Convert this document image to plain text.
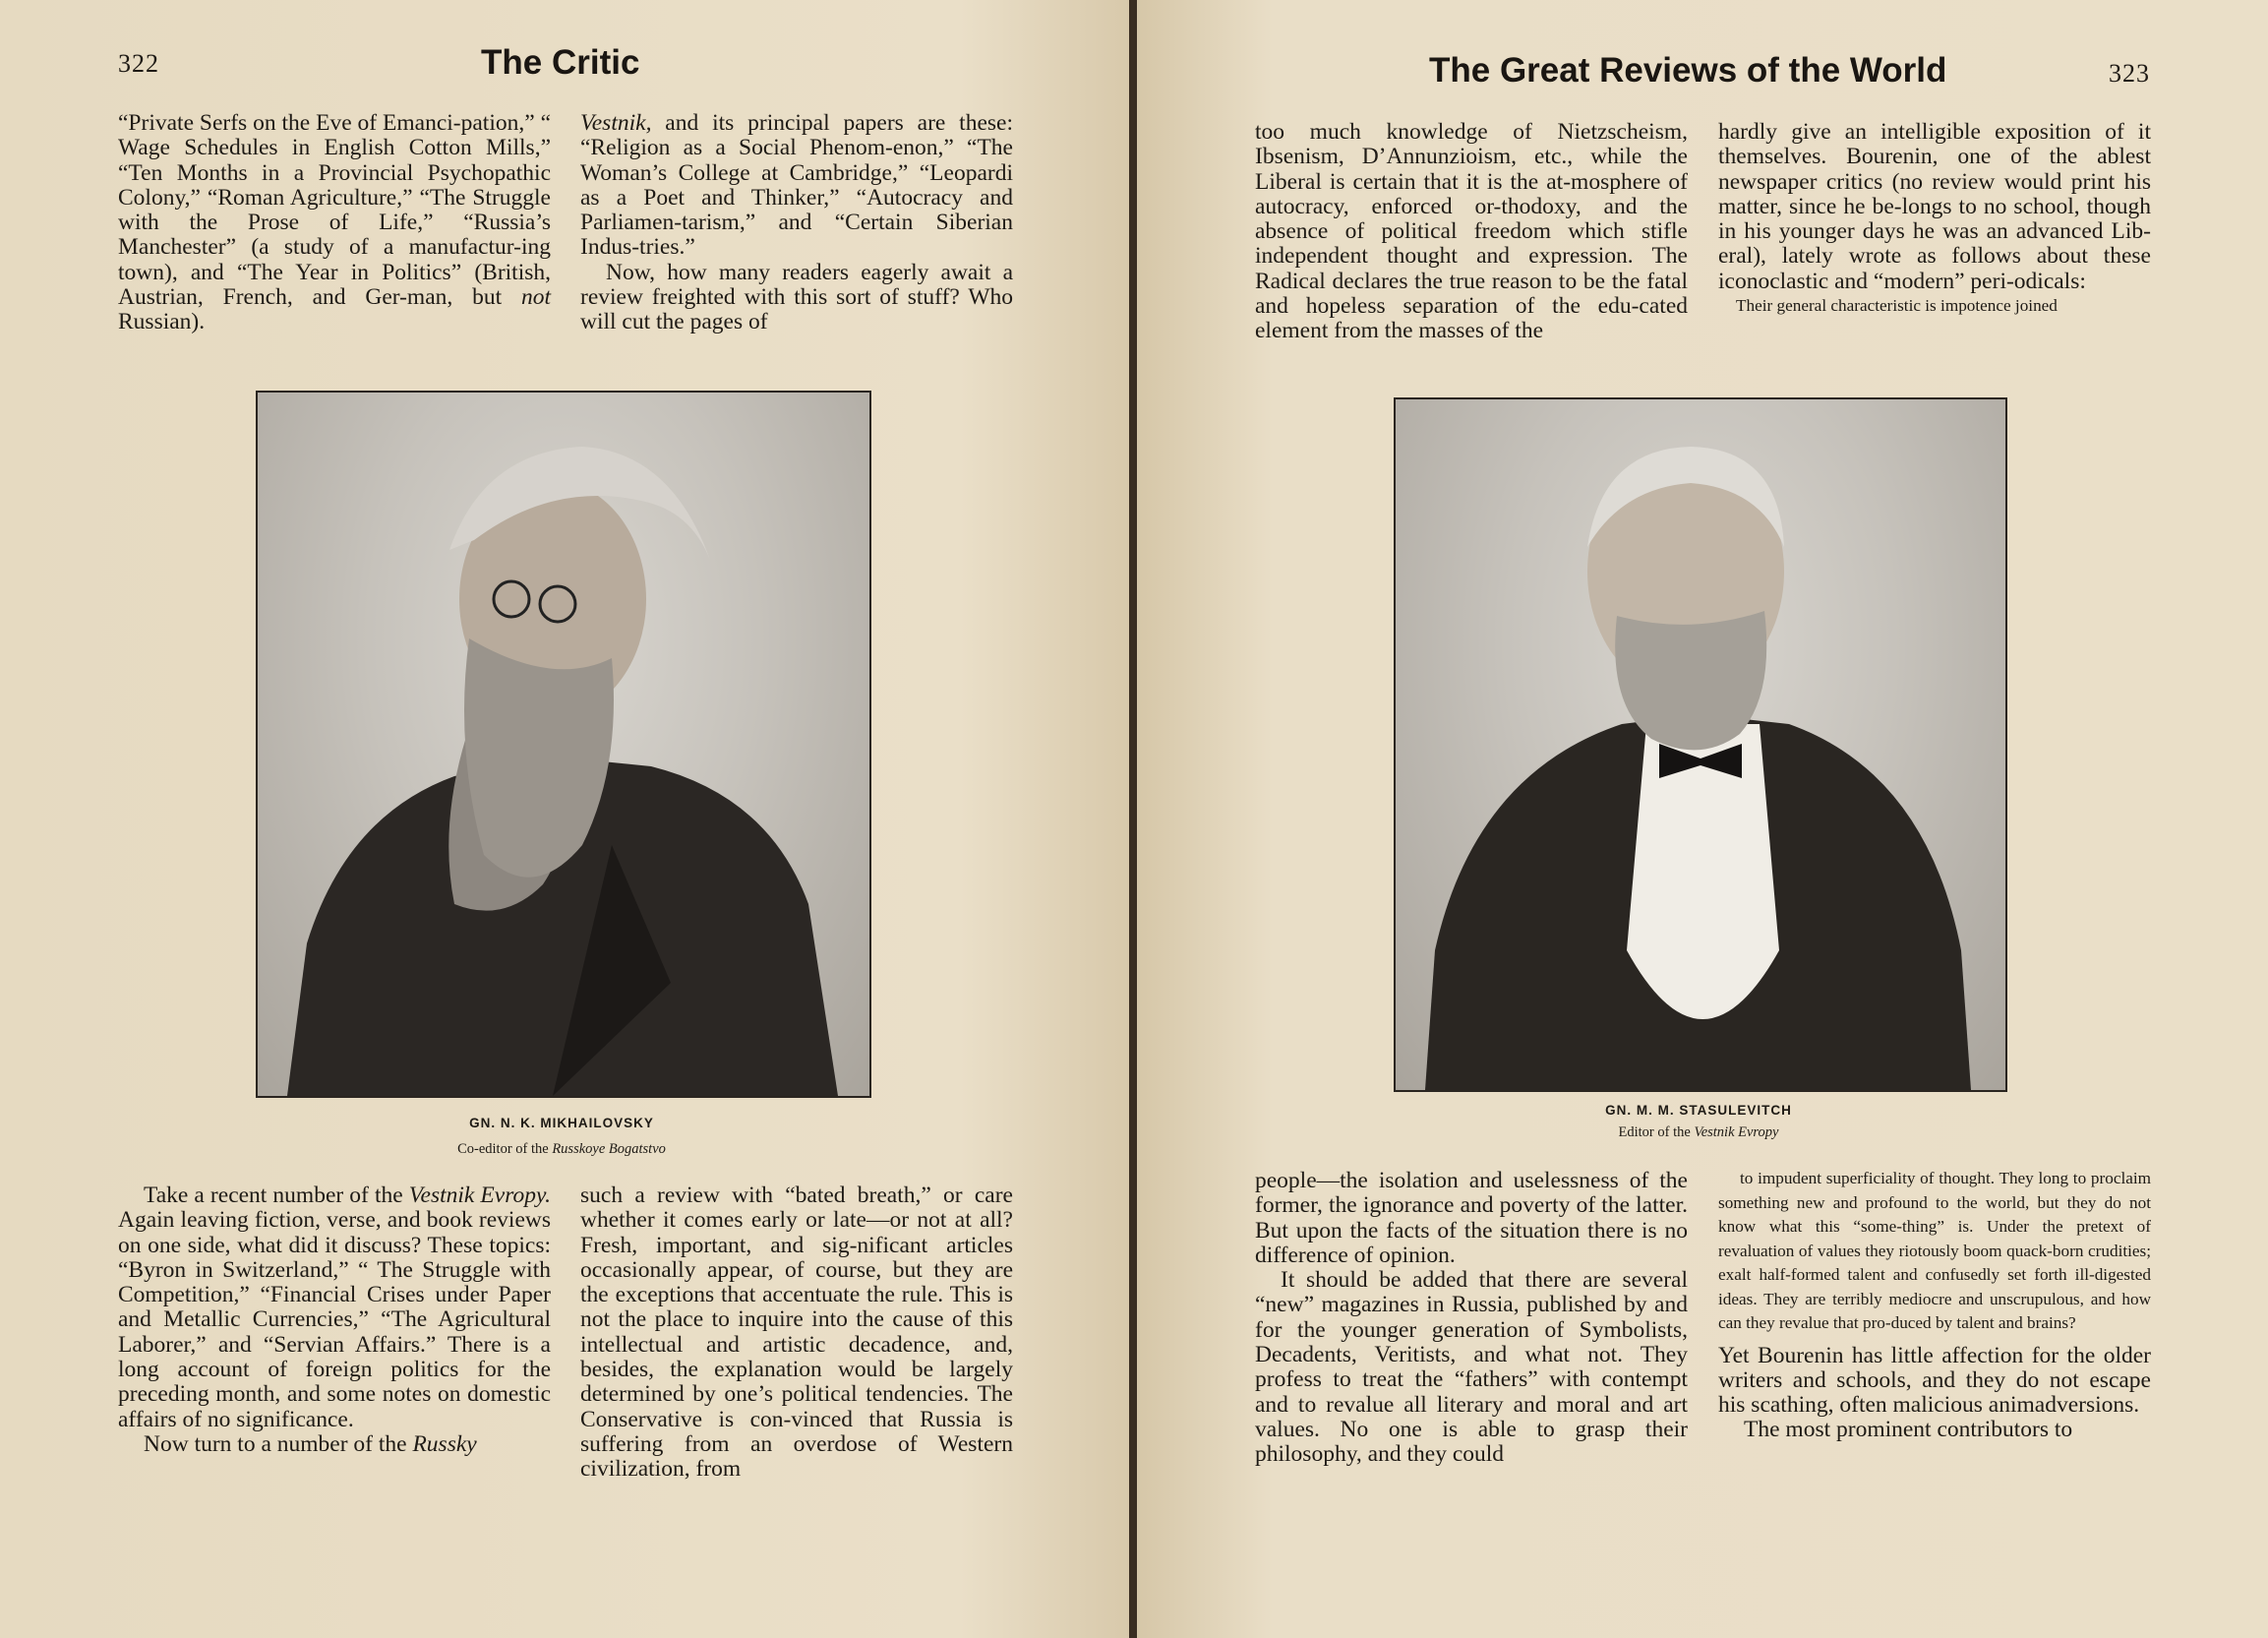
322	The Critic

“Private Serfs on the Eve of Emanci-pation,” “ Wage Schedules in English Cotton Mills,” “Ten Months in a Provincial Psychopathic Colony,” “Roman Agriculture,” “The Struggle with the Prose of Life,” “Russia’s Manchester” (a study of a manufactur-ing town), and “The Year in Politics” (British, Austrian, French, and Ger-man, but not Russian).

Vestnik, and its principal papers are these: “Religion as a Social Phenom-enon,” “The Woman’s College at Cambridge,” “Leopardi as a Poet and Thinker,” “Autocracy and Parliamen-tarism,” and “Certain Siberian Indus-tries.”

Now, how many readers eagerly await a review freighted with this sort of stuff? Who will cut the pages of

GN. N. K. MIKHAILOVSKY
Co-editor of the Russkoye Bogatstvo

Take a recent number of the Vestnik Evropy. Again leaving fiction, verse, and book reviews on one side, what did it discuss? These topics: “Byron in Switzerland,” “ The Struggle with Competition,” “Financial Crises under Paper and Metallic Currencies,” “The Agricultural Laborer,” and “Servian Affairs.” There is a long account of foreign politics for the preceding month, and some notes on domestic affairs of no significance.

Now turn to a number of the Russky

such a review with “bated breath,” or care whether it comes early or late—or not at all? Fresh, important, and sig-nificant articles occasionally appear, of course, but they are the exceptions that accentuate the rule. This is not the place to inquire into the cause of this intellectual and artistic decadence, and, besides, the explanation would be largely determined by one’s political tendencies. The Conservative is con-vinced that Russia is suffering from an overdose of Western civilization, from

The Great Reviews of the World	323

too much knowledge of Nietzscheism, Ibsenism, D’Annunzioism, etc., while the Liberal is certain that it is the at-mosphere of autocracy, enforced or-thodoxy, and the absence of political freedom which stifle independent thought and expression. The Radical declares the true reason to be the fatal and hopeless separation of the edu-cated element from the masses of the

hardly give an intelligible exposition of it themselves. Bourenin, one of the ablest newspaper critics (no review would print his matter, since he be-longs to no school, though in his younger days he was an advanced Lib-eral), lately wrote as follows about these iconoclastic and “modern” peri-odicals:

Their general characteristic is impotence joined

GN. M. M. STASULEVITCH
Editor of the Vestnik Evropy

people—the isolation and uselessness of the former, the ignorance and poverty of the latter. But upon the facts of the situation there is no difference of opinion.

It should be added that there are several “new” magazines in Russia, published by and for the younger generation of Symbolists, Decadents, Veritists, and what not. They profess to treat the “fathers” with contempt and to revalue all literary and moral and art values. No one is able to grasp their philosophy, and they could

to impudent superficiality of thought. They long to proclaim something new and profound to the world, but they do not know what this “some-thing” is. Under the pretext of revaluation of values they riotously boom quack-born crudities; exalt half-formed talent and confusedly set forth ill-digested ideas. They are terribly mediocre and unscrupulous, and how can they revalue that pro-duced by talent and brains?

Yet Bourenin has little affection for the older writers and schools, and they do not escape his scathing, often malicious animadversions.

The most prominent contributors to
